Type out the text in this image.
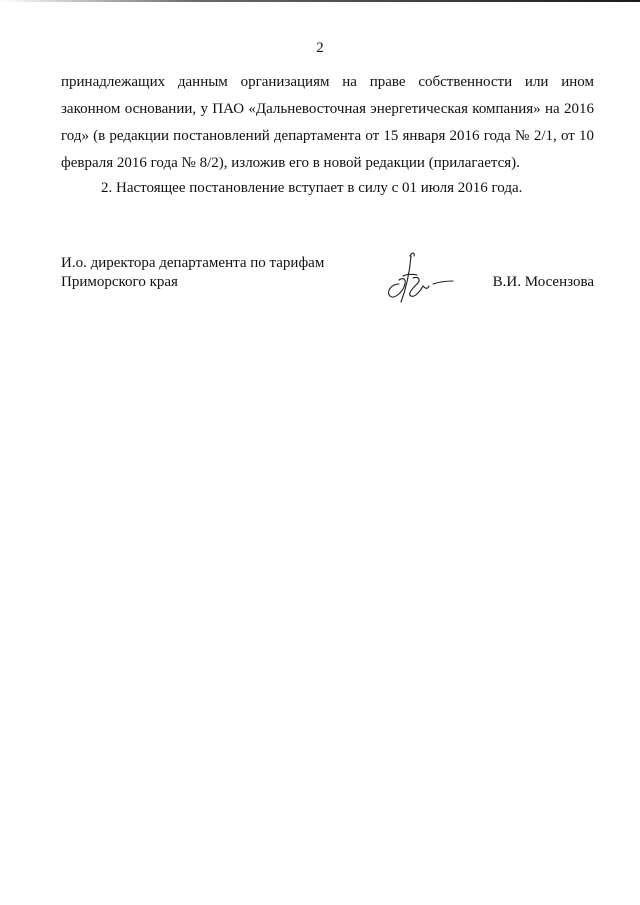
2
принадлежащих данным организациям на праве собственности или ином
законном основании, у ПАО «Дальневосточная энергетическая компания» на 2016
год» (в редакции постановлений департамента от 15 января 2016 года № 2/1, от 10
февраля 2016 года № 8/2), изложив его в новой редакции (прилагается).

2. Настоящее постановление вступает в силу с 01 июля 2016 года.

И.о. директора департамента по тарифам
Приморского края	В.И. Мосензова
